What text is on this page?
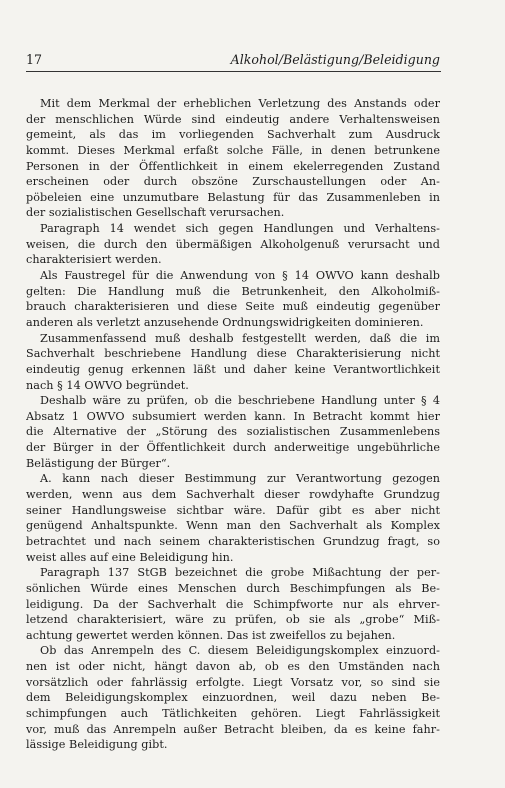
17	Alkohol/Belästigung/Beleidigung
Mit dem Merkmal der erheblichen Verletzung des Anstands oder
der menschlichen Würde sind eindeutig andere Verhaltensweisen
gemeint, als das im vorliegenden Sachverhalt zum Ausdruck
kommt. Dieses Merkmal erfaßt solche Fälle, in denen betrunkene
Personen in der Öffentlichkeit in einem ekelerregenden Zustand
erscheinen oder durch obszöne Zurschaustellungen oder An-
pöbeleien eine unzumutbare Belastung für das Zusammenleben in
der sozialistischen Gesellschaft verursachen.
Paragraph 14 wendet sich gegen Handlungen und Verhaltens-
weisen, die durch den übermäßigen Alkoholgenuß verursacht und
charakterisiert werden.
Als Faustregel für die Anwendung von § 14 OWVO kann deshalb
gelten: Die Handlung muß die Betrunkenheit, den Alkoholmiß-
brauch charakterisieren und diese Seite muß eindeutig gegenüber
anderen als verletzt anzusehende Ordnungswidrigkeiten dominieren.
Zusammenfassend muß deshalb festgestellt werden, daß die im
Sachverhalt beschriebene Handlung diese Charakterisierung nicht
eindeutig genug erkennen läßt und daher keine Verantwortlichkeit
nach § 14 OWVO begründet.
Deshalb wäre zu prüfen, ob die beschriebene Handlung unter § 4
Absatz 1 OWVO subsumiert werden kann. In Betracht kommt hier
die Alternative der „Störung des sozialistischen Zusammenlebens
der Bürger in der Öffentlichkeit durch anderweitige ungebührliche
Belästigung der Bürger“.
A. kann nach dieser Bestimmung zur Verantwortung gezogen
werden, wenn aus dem Sachverhalt dieser rowdyhafte Grundzug
seiner Handlungsweise sichtbar wäre. Dafür gibt es aber nicht
genügend Anhaltspunkte. Wenn man den Sachverhalt als Komplex
betrachtet und nach seinem charakteristischen Grundzug fragt, so
weist alles auf eine Beleidigung hin.
Paragraph 137 StGB bezeichnet die grobe Mißachtung der per-
sönlichen Würde eines Menschen durch Beschimpfungen als Be-
leidigung. Da der Sachverhalt die Schimpfworte nur als ehrver-
letzend charakterisiert, wäre zu prüfen, ob sie als „grobe“ Miß-
achtung gewertet werden können. Das ist zweifellos zu bejahen.
Ob das Anrempeln des C. diesem Beleidigungskomplex einzuord-
nen ist oder nicht, hängt davon ab, ob es den Umständen nach
vorsätzlich oder fahrlässig erfolgte. Liegt Vorsatz vor, so sind sie
dem Beleidigungskomplex einzuordnen, weil dazu neben Be-
schimpfungen auch Tätlichkeiten gehören. Liegt Fahrlässigkeit
vor, muß das Anrempeln außer Betracht bleiben, da es keine fahr-
lässige Beleidigung gibt.
